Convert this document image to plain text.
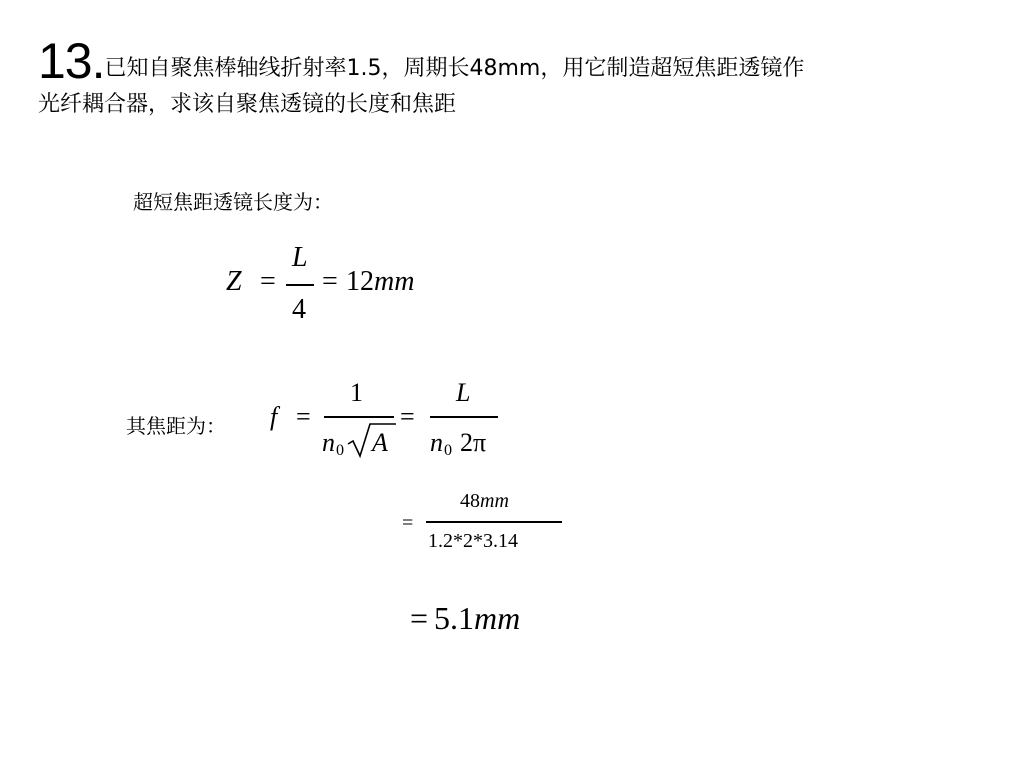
13.已知自聚焦棒轴线折射率1.5，周期长48mm，用它制造超短焦距透镜作
光纤耦合器，求该自聚焦透镜的长度和焦距
超短焦距透镜长度为：
Z =
L
4
= 12 mm
其焦距为： f =
1
n 0 A
=
L
n 0 2π
=
48 mm
1.2*2*3.14
= 5.1mm
